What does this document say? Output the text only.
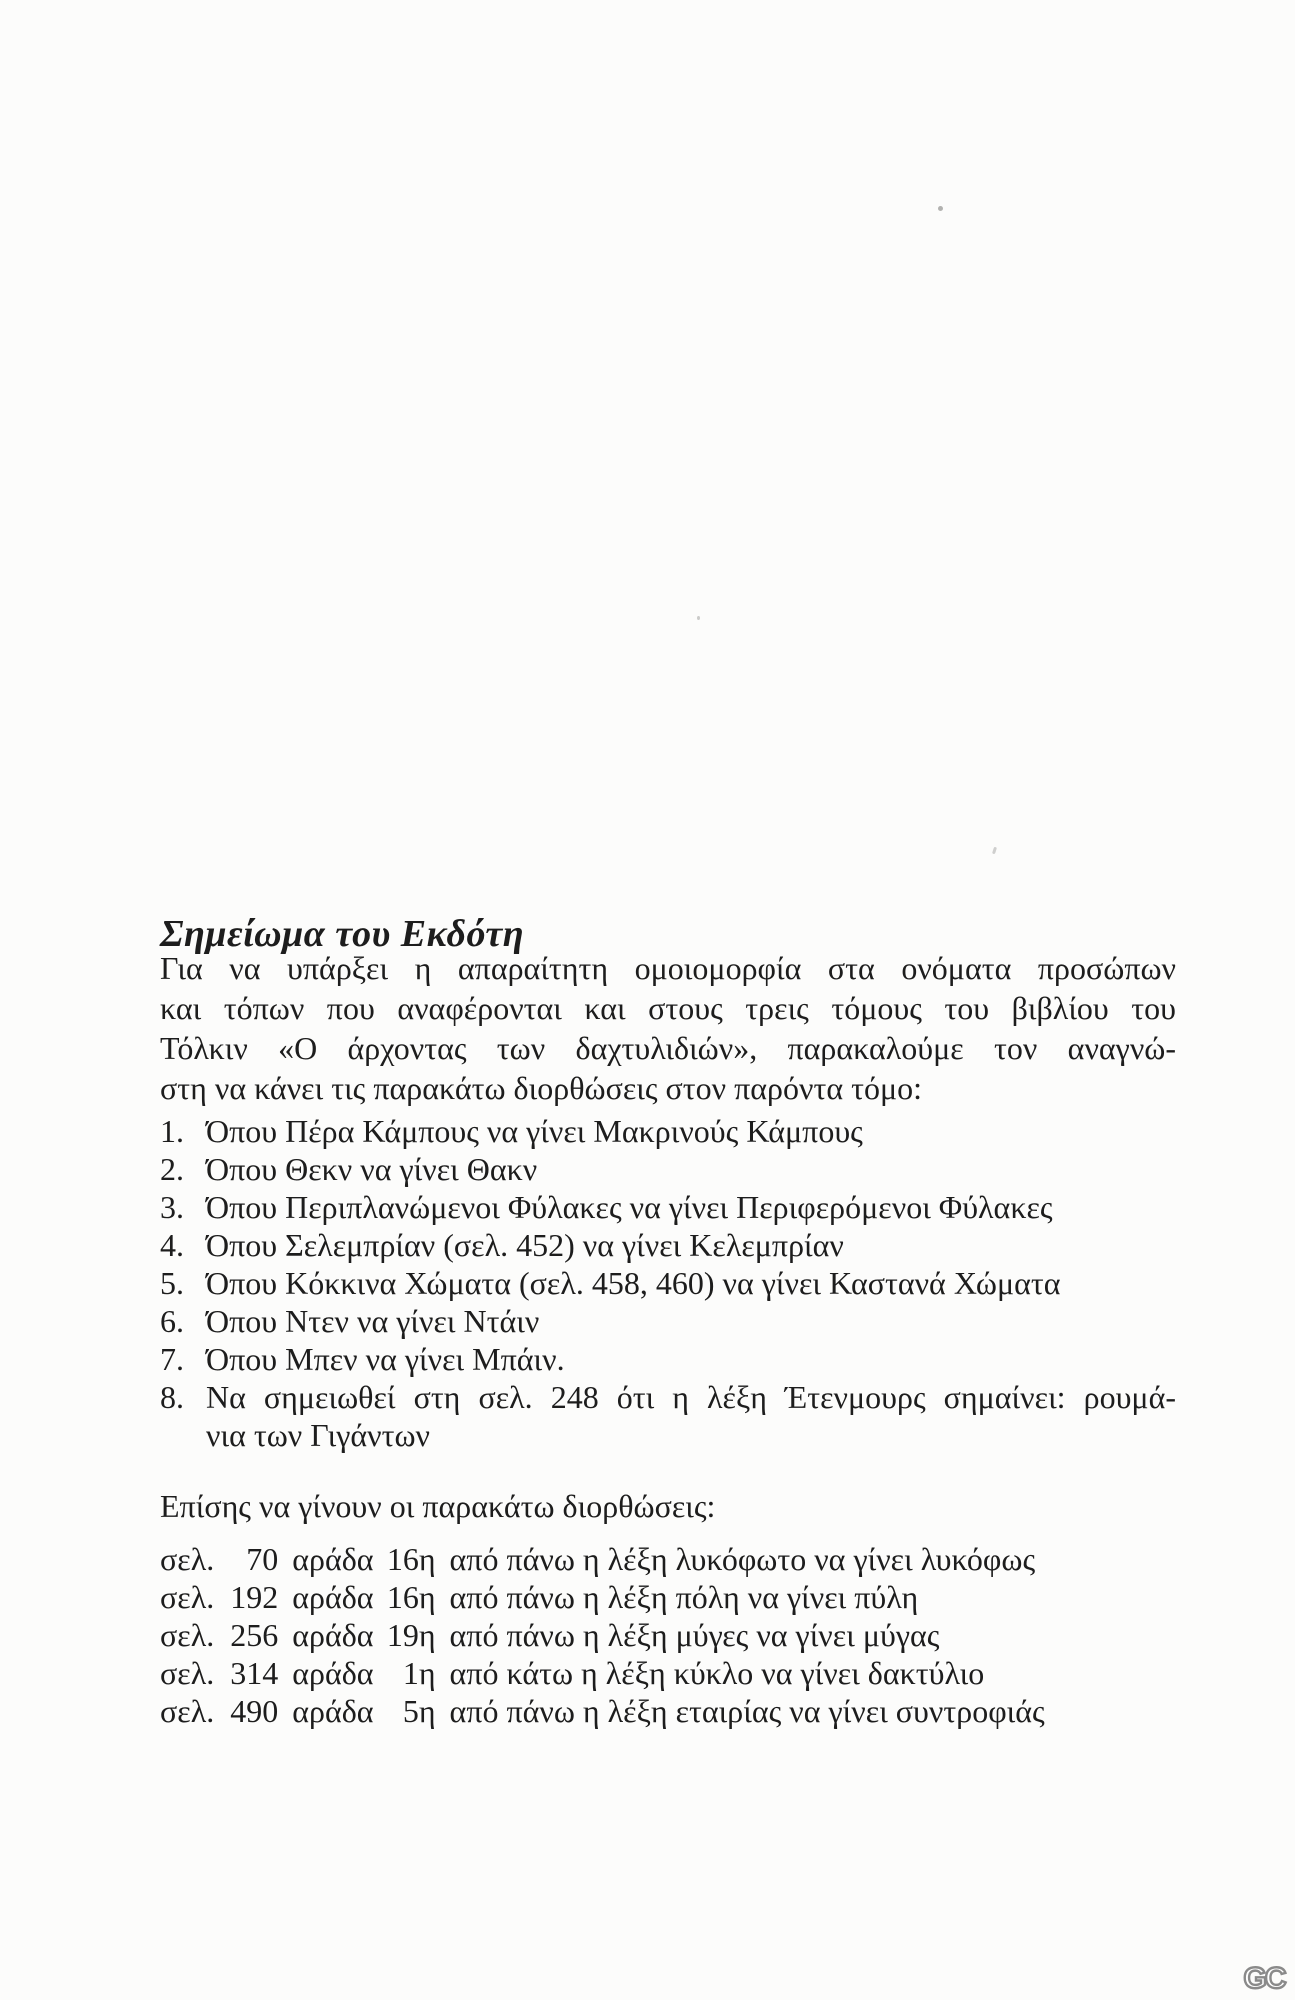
Σημείωμα του Εκδότη
Για να υπάρξει η απαραίτητη ομοιομορφία στα ονόματα προσώπων
και τόπων που αναφέρονται και στους τρεις τόμους του βιβλίου του
Τόλκιν «Ο άρχοντας των δαχτυλιδιών», παρακαλούμε τον αναγνώ-
στη να κάνει τις παρακάτω διορθώσεις στον παρόντα τόμο:
1. Όπου Πέρα Κάμπους να γίνει Μακρινούς Κάμπους
2. Όπου Θεκν να γίνει Θακν
3. Όπου Περιπλανώμενοι Φύλακες να γίνει Περιφερόμενοι Φύλακες
4. Όπου Σελεμπρίαν (σελ. 452) να γίνει Κελεμπρίαν
5. Όπου Κόκκινα Χώματα (σελ. 458, 460) να γίνει Καστανά Χώματα
6. Όπου Ντεν να γίνει Ντάιν
7. Όπου Μπεν να γίνει Μπάιν.
8. Να σημειωθεί στη σελ. 248 ότι η λέξη Έτενμουρς σημαίνει: ρουμά-
νια των Γιγάντων
Επίσης να γίνουν οι παρακάτω διορθώσεις:
σελ.	70 αράδα 16η από πάνω η λέξη λυκόφωτο να γίνει λυκόφως
σελ. 192 αράδα 16η από πάνω η λέξη πόλη να γίνει πύλη
σελ. 256 αράδα 19η από πάνω η λέξη μύγες να γίνει μύγας
σελ. 314 αράδα 1η από κάτω η λέξη κύκλο να γίνει δακτύλιο
σελ. 490 αράδα 5η από πάνω η λέξη εταιρίας να γίνει συντροφιάς
GC
